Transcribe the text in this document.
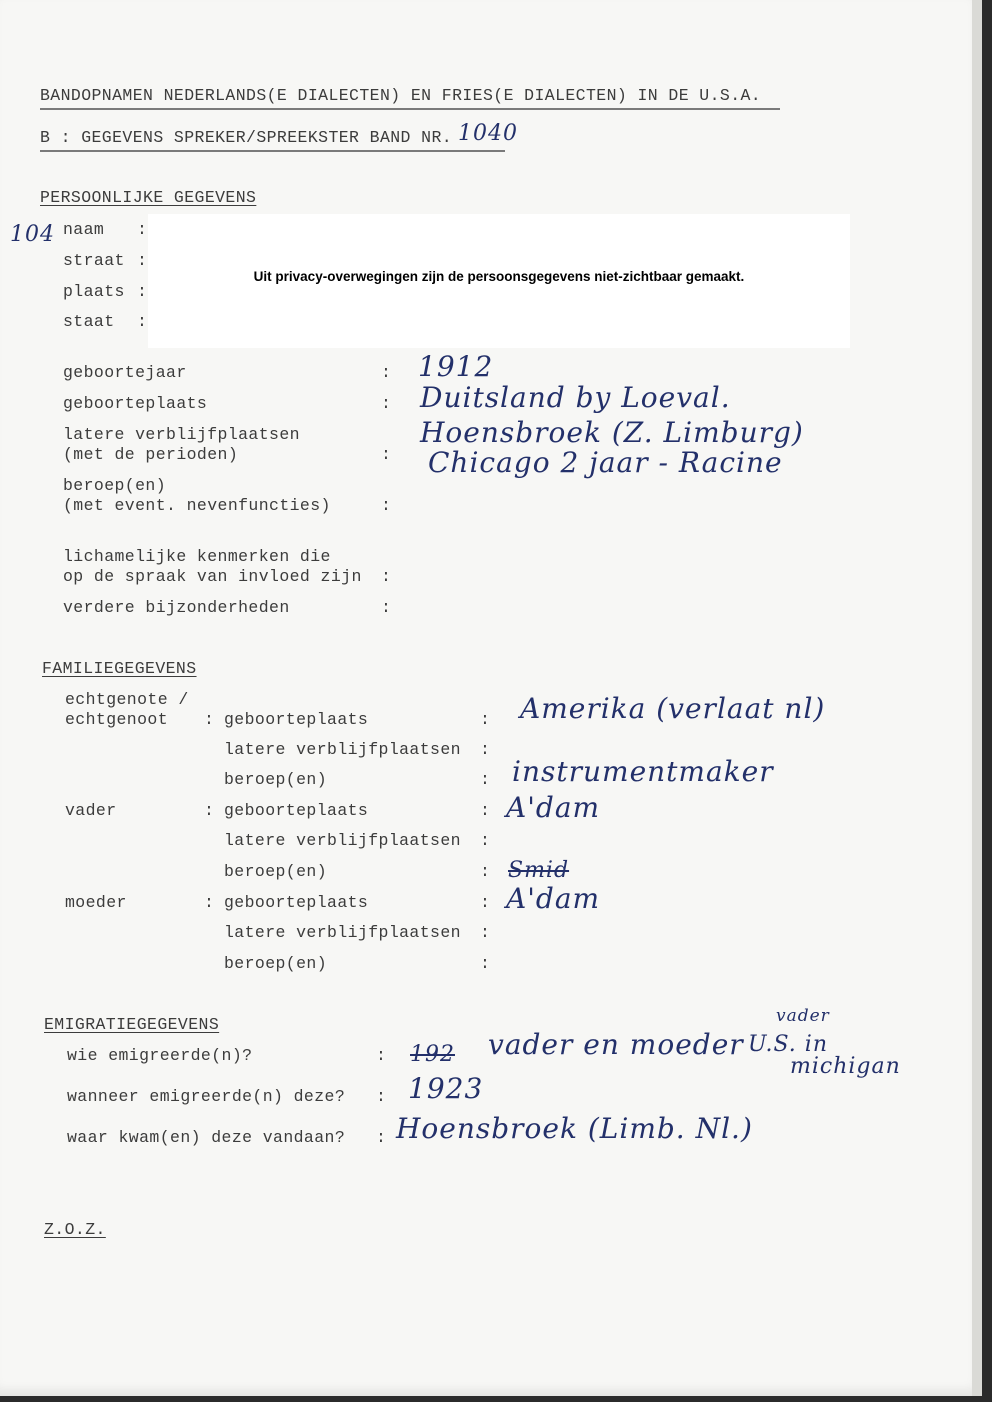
BANDOPNAMEN NEDERLANDS(E DIALECTEN) EN FRIES(E DIALECTEN) IN DE U.S.A.
B : GEGEVENS SPREKER/SPREEKSTER BAND NR. 1040
PERSOONLIJKE GEGEVENS
104 naam :
straat :
plaats :
staat :
Uit privacy-overwegingen zijn de persoonsgegevens niet-zichtbaar gemaakt.
geboortejaar	: 1912
geboorteplaats	: Duitsland by Loeval.
latere verblijfplaatsen
(met de perioden)	:
Hoensbroek (Z. Limburg)
Chicago 2 jaar - Racine
beroep(en)
(met event. nevenfuncties)	:
lichamelijke kenmerken die
op de spraak van invloed zijn :
verdere bijzonderheden	:
FAMILIEGEGEVENS
echtgenote /
echtgenoot : geboorteplaats	: Amerika (verlaat nl)
latere verblijfplaatsen :
beroep(en)	: instrumentmaker
vader	: geboorteplaats	: A'dam
latere verblijfplaatsen :
beroep(en)	: Smid
moeder	: geboorteplaats	: A'dam
latere verblijfplaatsen :
beroep(en)	:
EMIGRATIEGEGEVENS
wie emigreerde(n)?	: 192 vader en moeder U.S. in
vader
michigan
wanneer emigreerde(n) deze? : 1923
waar kwam(en) deze vandaan? : Hoensbroek (Limb. Nl.)
Z.O.Z.
